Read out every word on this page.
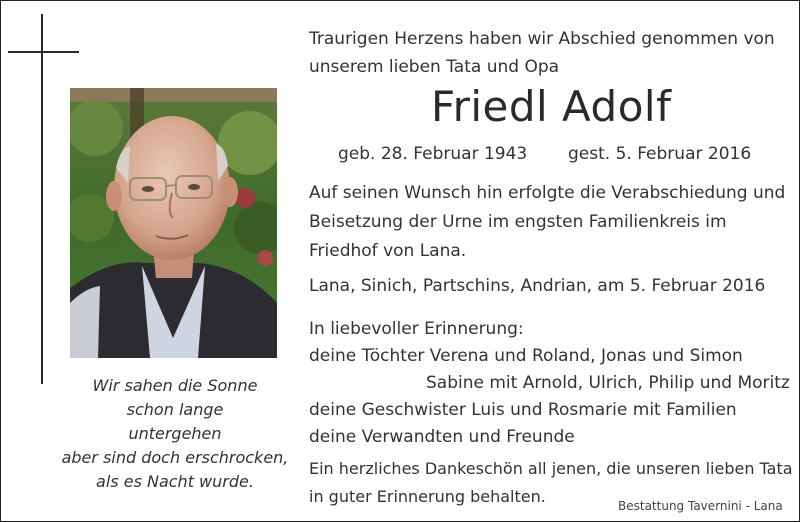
Wir sahen die Sonne
schon lange
untergehen
aber sind doch erschrocken,
als es Nacht wurde.
Traurigen Herzens haben wir Abschied genommen von
unserem lieben Tata und Opa
Friedl Adolf
geb. 28. Februar 1943 gest. 5. Februar 2016
Auf seinen Wunsch hin erfolgte die Verabschiedung und
Beisetzung der Urne im engsten Familienkreis im
Friedhof von Lana.
Lana, Sinich, Partschins, Andrian, am 5. Februar 2016
In liebevoller Erinnerung:
deine Töchter Verena und Roland, Jonas und Simon
Sabine mit Arnold, Ulrich, Philip und Moritz
deine Geschwister Luis und Rosmarie mit Familien
deine Verwandten und Freunde
Ein herzliches Dankeschön all jenen, die unseren lieben Tata
in guter Erinnerung behalten.	Bestattung Tavernini - Lana
